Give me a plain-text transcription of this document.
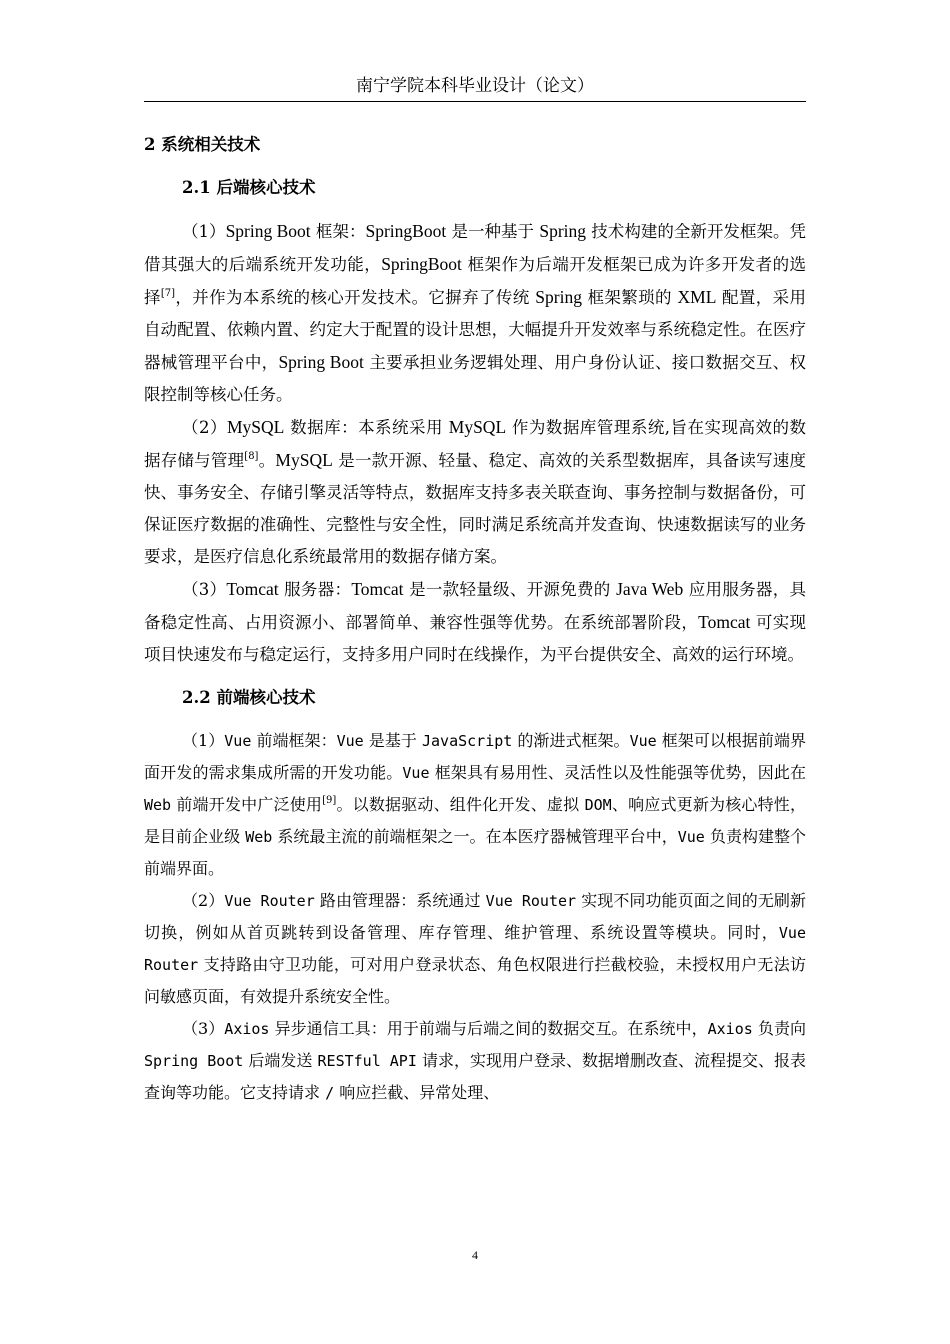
南宁学院本科毕业设计（论文）
2 系统相关技术
2.1 后端核心技术

（1）Spring Boot 框架：SpringBoot 是一种基于 Spring 技术构建的全新开发框架。凭借其强大的后端系统开发功能，SpringBoot 框架作为后端开发框架已成为许多开发者的选择[7]，并作为本系统的核心开发技术。它摒弃了传统 Spring 框架繁琐的 XML 配置，采用自动配置、依赖内置、约定大于配置的设计思想，大幅提升开发效率与系统稳定性。在医疗器械管理平台中，Spring Boot 主要承担业务逻辑处理、用户身份认证、接口数据交互、权限控制等核心任务。

（2）MySQL 数据库：本系统采用 MySQL 作为数据库管理系统,旨在实现高效的数据存储与管理[8]。MySQL 是一款开源、轻量、稳定、高效的关系型数据库，具备读写速度快、事务安全、存储引擎灵活等特点，数据库支持多表关联查询、事务控制与数据备份，可保证医疗数据的准确性、完整性与安全性，同时满足系统高并发查询、快速数据读写的业务要求，是医疗信息化系统最常用的数据存储方案。

（3）Tomcat 服务器：Tomcat 是一款轻量级、开源免费的 Java Web 应用服务器，具备稳定性高、占用资源小、部署简单、兼容性强等优势。在系统部署阶段，Tomcat 可实现项目快速发布与稳定运行，支持多用户同时在线操作，为平台提供安全、高效的运行环境。

2.2 前端核心技术

（1）Vue 前端框架：Vue 是基于 JavaScript 的渐进式框架。Vue 框架可以根据前端界面开发的需求集成所需的开发功能。Vue 框架具有易用性、灵活性以及性能强等优势，因此在 Web 前端开发中广泛使用[9]。以数据驱动、组件化开发、虚拟 DOM、响应式更新为核心特性，是目前企业级 Web 系统最主流的前端框架之一。在本医疗器械管理平台中，Vue 负责构建整个前端界面。

（2）Vue Router 路由管理器：系统通过 Vue Router 实现不同功能页面之间的无刷新切换，例如从首页跳转到设备管理、库存管理、维护管理、系统设置等模块。同时，Vue Router 支持路由守卫功能，可对用户登录状态、角色权限进行拦截校验，未授权用户无法访问敏感页面，有效提升系统安全性。

（3）Axios 异步通信工具：用于前端与后端之间的数据交互。在系统中，Axios 负责向 Spring Boot 后端发送 RESTful API 请求，实现用户登录、数据增删改查、流程提交、报表查询等功能。它支持请求 / 响应拦截、异常处理、

4
